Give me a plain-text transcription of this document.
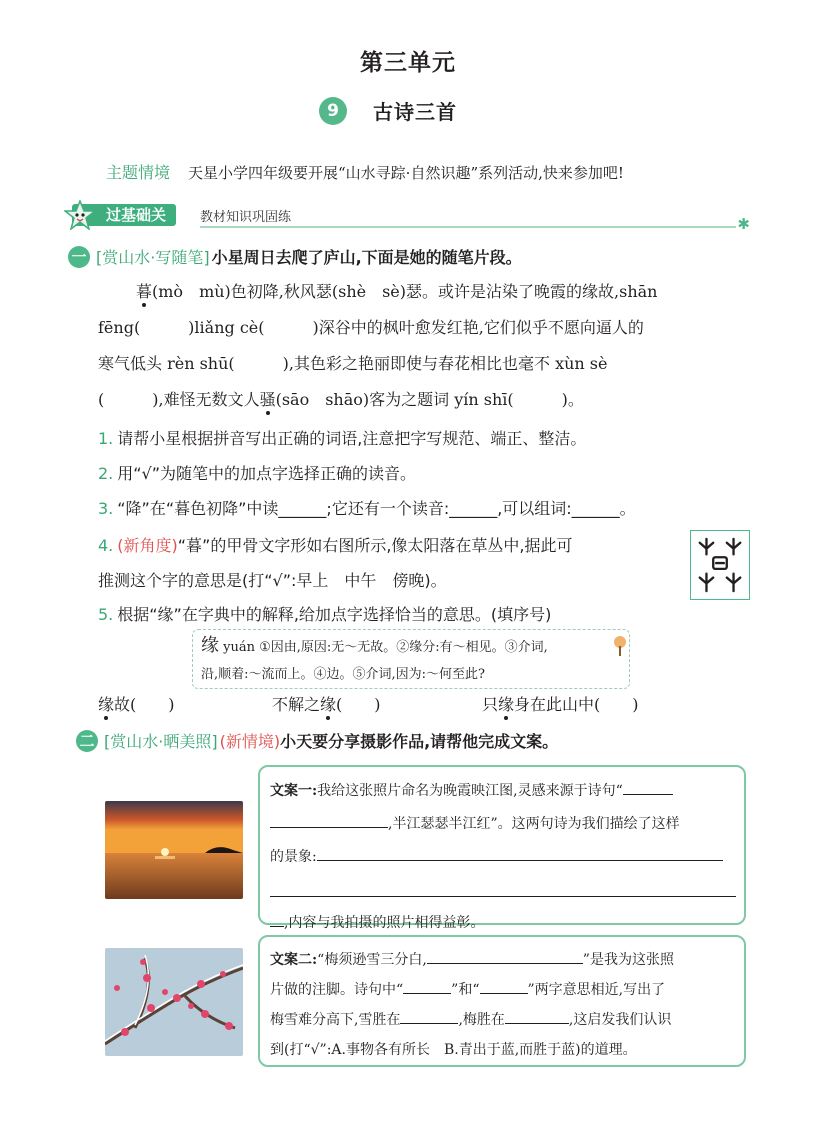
第三单元
9	古诗三首
主题情境 天星小学四年级要开展“山水寻踪·自然识趣”系列活动,快来参加吧!
过基础关	教材知识巩固练	✱
一 [赏山水·写随笔] 小星周日去爬了庐山,下面是她的随笔片段。
暮(mò　mù)色初降,秋风瑟(shè　sè)瑟。或许是沾染了晚霞的缘故,shān
fēng(　　　)liǎng cè(　　　)深谷中的枫叶愈发红艳,它们似乎不愿向逼人的
寒气低头 rèn shū(　　　),其色彩之艳丽即使与春花相比也毫不 xùn sè
(　　　),难怪无数文人骚(sāo　shāo)客为之题词 yín shī(　　　)。
1. 请帮小星根据拼音写出正确的词语,注意把字写规范、端正、整洁。
2. 用“√”为随笔中的加点字选择正确的读音。
3. “降”在“暮色初降”中读______;它还有一个读音:______,可以组词:______。
4. (新角度)“暮”的甲骨文字形如右图所示,像太阳落在草丛中,据此可
推测这个字的意思是(打“√”:早上　中午　傍晚)。
5. 根据“缘”在字典中的解释,给加点字选择恰当的意思。(填序号)
缘 yuán ①因由,原因:无～无故。②缘分:有～相见。③介词,
沿,顺着:～流而上。④边。⑤介词,因为:～何至此?
缘故(　　)	不解之缘(　　)	只缘身在此山中(　　)
二 [赏山水·晒美照] (新情境) 小天要分享摄影作品,请帮他完成文案。
文案一:我给这张照片命名为晚霞映江图,灵感来源于诗句“
,半江瑟瑟半江红”。这两句诗为我们描绘了这样
的景象:
,内容与我拍摄的照片相得益彰。
文案二:“梅须逊雪三分白,	”是我为这张照
片做的注脚。诗句中“	”和“	”两字意思相近,写出了
梅雪难分高下,雪胜在	,梅胜在	,这启发我们认识
到(打“√”:A.事物各有所长　B.青出于蓝,而胜于蓝)的道理。
